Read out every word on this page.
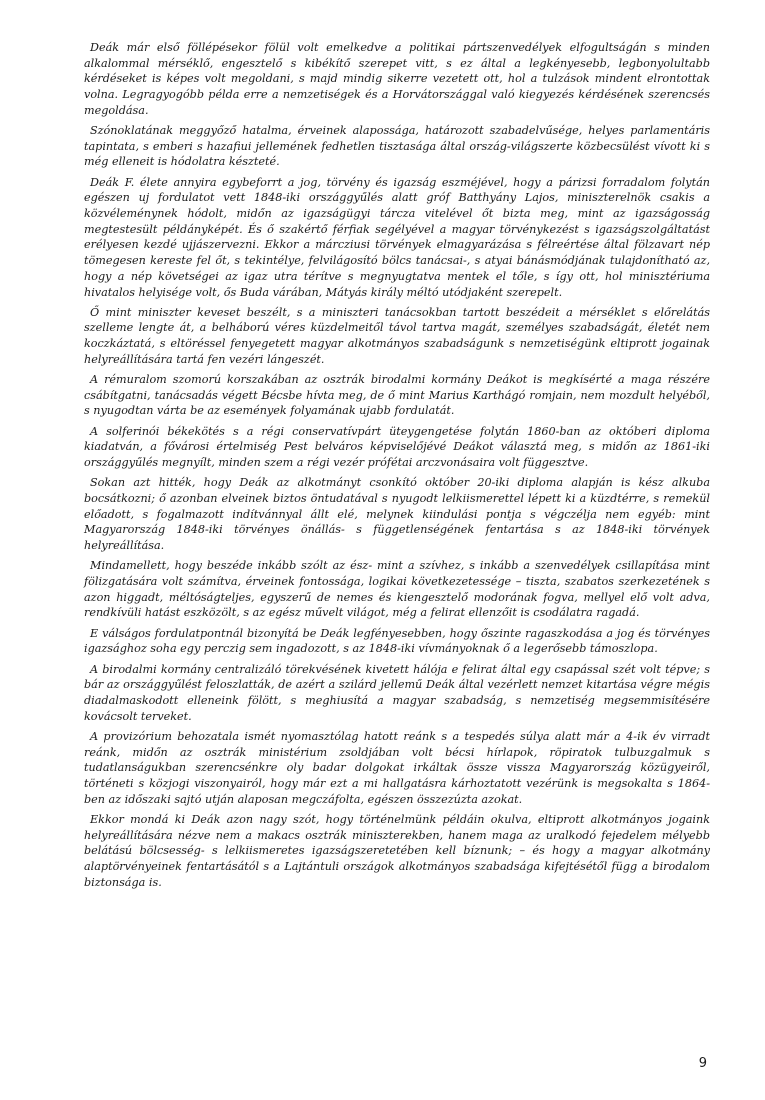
Deák már első föllépésekor fölül volt emelkedve a politikai pártszenvedélyek elfogultságán s minden alkalommal mérséklő, engesztelő s kibékítő szerepet vitt, s ez által a legkényesebb, legbonyolultabb kérdéseket is képes volt megoldani, s majd mindig sikerre vezetett ott, hol a tulzások mindent elrontottak volna. Legragyogóbb példa erre a nemzetiségek és a Horvátországgal való kiegyezés kérdésének szerencsés megoldása.

Szónoklatának meggyőző hatalma, érveinek alapossága, határozott szabadelvűsége, helyes parlamentáris tapintata, s emberi s hazafiui jellemének fedhetlen tisztasága által ország-világszerte közbecsülést vívott ki s még elleneit is hódolatra készteté.

Deák F. élete annyira egybeforrt a jog, törvény és igazság eszméjével, hogy a párizsi forradalom folytán egészen uj fordulatot vett 1848-iki országgyűlés alatt gróf Batthyány Lajos, miniszterelnök csakis a közvéleménynek hódolt, midőn az igazságügyi tárcza vitelével őt bizta meg, mint az igazságosság megtestesült példányképét. És ő szakértő férfiak segélyével a magyar törvénykezést s igazságszolgáltatást erélyesen kezdé ujjászervezni. Ekkor a márcziusi törvények elmagyarázása s félreértése által fölzavart nép tömegesen kereste fel őt, s tekintélye, felvilágosító bölcs tanácsai-, s atyai bánásmódjának tulajdonítható az, hogy a nép követségei az igaz utra térítve s megnyugtatva mentek el tőle, s így ott, hol minisztériuma hivatalos helyisége volt, ős Buda várában, Mátyás király méltó utódjaként szerepelt.

Ő mint miniszter keveset beszélt, s a miniszteri tanácsokban tartott beszédeit a mérséklet s előrelátás szelleme lengte át, a belháború véres küzdelmeitől távol tartva magát, személyes szabadságát, életét nem koczkáztatá, s eltöréssel fenyegetett magyar alkotmányos szabadságunk s nemzetiségünk eltiprott jogainak helyreállítására tartá fen vezéri lángeszét.

A rémuralom szomorú korszakában az osztrák birodalmi kormány Deákot is megkísérté a maga részére csábítgatni, tanácsadás végett Bécsbe hívta meg, de ő mint Marius Karthágó romjain, nem mozdult helyéből, s nyugodtan várta be az események folyamának ujabb fordulatát.

A solferinói békekötés s a régi conservatívpárt üteygengetése folytán 1860-ban az októberi diploma kiadatván, a fővárosi értelmiség Pest belváros képviselőjévé Deákot választá meg, s midőn az 1861-iki országgyűlés megnyílt, minden szem a régi vezér prófétai arczvonásaira volt függesztve.

Sokan azt hitték, hogy Deák az alkotmányt csonkító október 20-iki diploma alapján is kész alkuba bocsátkozni; ő azonban elveinek biztos öntudatával s nyugodt lelkiismerettel lépett ki a küzdtérre, s remekül előadott, s fogalmazott indítvánnyal állt elé, melynek kiindulási pontja s végczélja nem egyéb: mint Magyarország 1848-iki törvényes önállás- s függetlenségének fentartása s az 1848-iki törvények helyreállítása.

Mindamellett, hogy beszéde inkább szólt az ész- mint a szívhez, s inkább a szenvedélyek csillapítása mint fölizgatására volt számítva, érveinek fontossága, logikai következetessége – tiszta, szabatos szerkezetének s azon higgadt, méltóságteljes, egyszerű de nemes és kiengesztelő modorának fogva, mellyel elő volt adva, rendkívüli hatást eszközölt, s az egész művelt világot, még a felirat ellenzőit is csodálatra ragadá.

E válságos fordulatpontnál bizonyítá be Deák legfényesebben, hogy őszinte ragaszkodása a jog és törvényes igazsághoz soha egy perczig sem ingadozott, s az 1848-iki vívmányoknak ő a legerősebb támoszlopa.

A birodalmi kormány centralizáló törekvésének kivetett hálója e felirat által egy csapással szét volt tépve; s bár az országgyűlést feloszlatták, de azért a szilárd jellemű Deák által vezérlett nemzet kitartása végre mégis diadalmaskodott elleneink fölött, s meghiusítá a magyar szabadság, s nemzetiség megsemmisítésére kovácsolt terveket.

A provizórium behozatala ismét nyomasztólag hatott reánk s a tespedés súlya alatt már a 4-ik év virradt reánk, midőn az osztrák ministérium zsoldjában volt bécsi hírlapok, röpiratok tulbuzgalmuk s tudatlanságukban szerencsénkre oly badar dolgokat irkáltak össze vissza Magyarország közügyeiről, történeti s közjogi viszonyairól, hogy már ezt a mi hallgatásra kárhoztatott vezérünk is megsokalta s 1864-ben az időszaki sajtó utján alaposan megczáfolta, egészen összezúzta azokat.

Ekkor mondá ki Deák azon nagy szót, hogy történelmünk példáin okulva, eltiprott alkotmányos jogaink helyreállítására nézve nem a makacs osztrák miniszterekben, hanem maga az uralkodó fejedelem mélyebb belátású bölcsesség- s lelkiismeretes igazságszeretetében kell bíznunk; – és hogy a magyar alkotmány alaptörvényeinek fentartásától s a Lajtántuli országok alkotmányos szabadsága kifejtésétől függ a birodalom biztonsága is.

9
